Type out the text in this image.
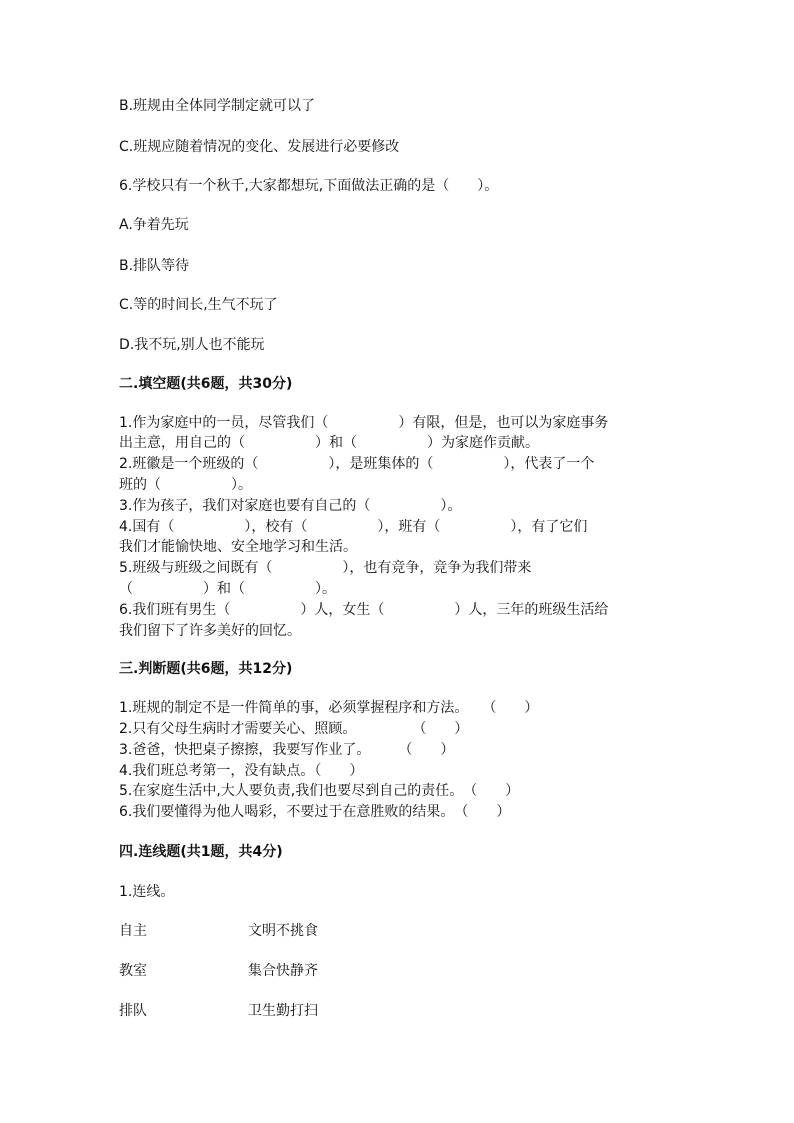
B.班规由全体同学制定就可以了
C.班规应随着情况的变化、发展进行必要修改
6.学校只有一个秋千,大家都想玩,下面做法正确的是（　　）。
A.争着先玩
B.排队等待
C.等的时间长,生气不玩了
D.我不玩,别人也不能玩
二.填空题(共6题，共30分)
1.作为家庭中的一员，尽管我们（　　　　　）有限，但是，也可以为家庭事务
出主意，用自己的（　　　　　）和（　　　　　）为家庭作贡献。
2.班徽是一个班级的（　　　　　），是班集体的（　　　　　），代表了一个
班的（　　　　　）。
3.作为孩子，我们对家庭也要有自己的（　　　　　）。
4.国有（　　　　　），校有（　　　　　），班有（　　　　　），有了它们
我们才能愉快地、安全地学习和生活。
5.班级与班级之间既有（　　　　　），也有竞争，竞争为我们带来
（　　　　　）和（　　　　　）。
6.我们班有男生（　　　　　）人，女生（　　　　　）人，三年的班级生活给
我们留下了许多美好的回忆。
三.判断题(共6题，共12分)
1.班规的制定不是一件简单的事，必须掌握程序和方法。　　（　　）
2.只有父母生病时才需要关心、照顾。　　　　　（　　）
3.爸爸，快把桌子擦擦，我要写作业了。　　　（　　）
4.我们班总考第一，没有缺点。（　　）
5.在家庭生活中,大人要负责,我们也要尽到自己的责任。　（　　）
6.我们要懂得为他人喝彩，不要过于在意胜败的结果。　（　　）
四.连线题(共1题，共4分)
1.连线。
自主	文明不挑食
教室	集合快静齐
排队	卫生勤打扫
